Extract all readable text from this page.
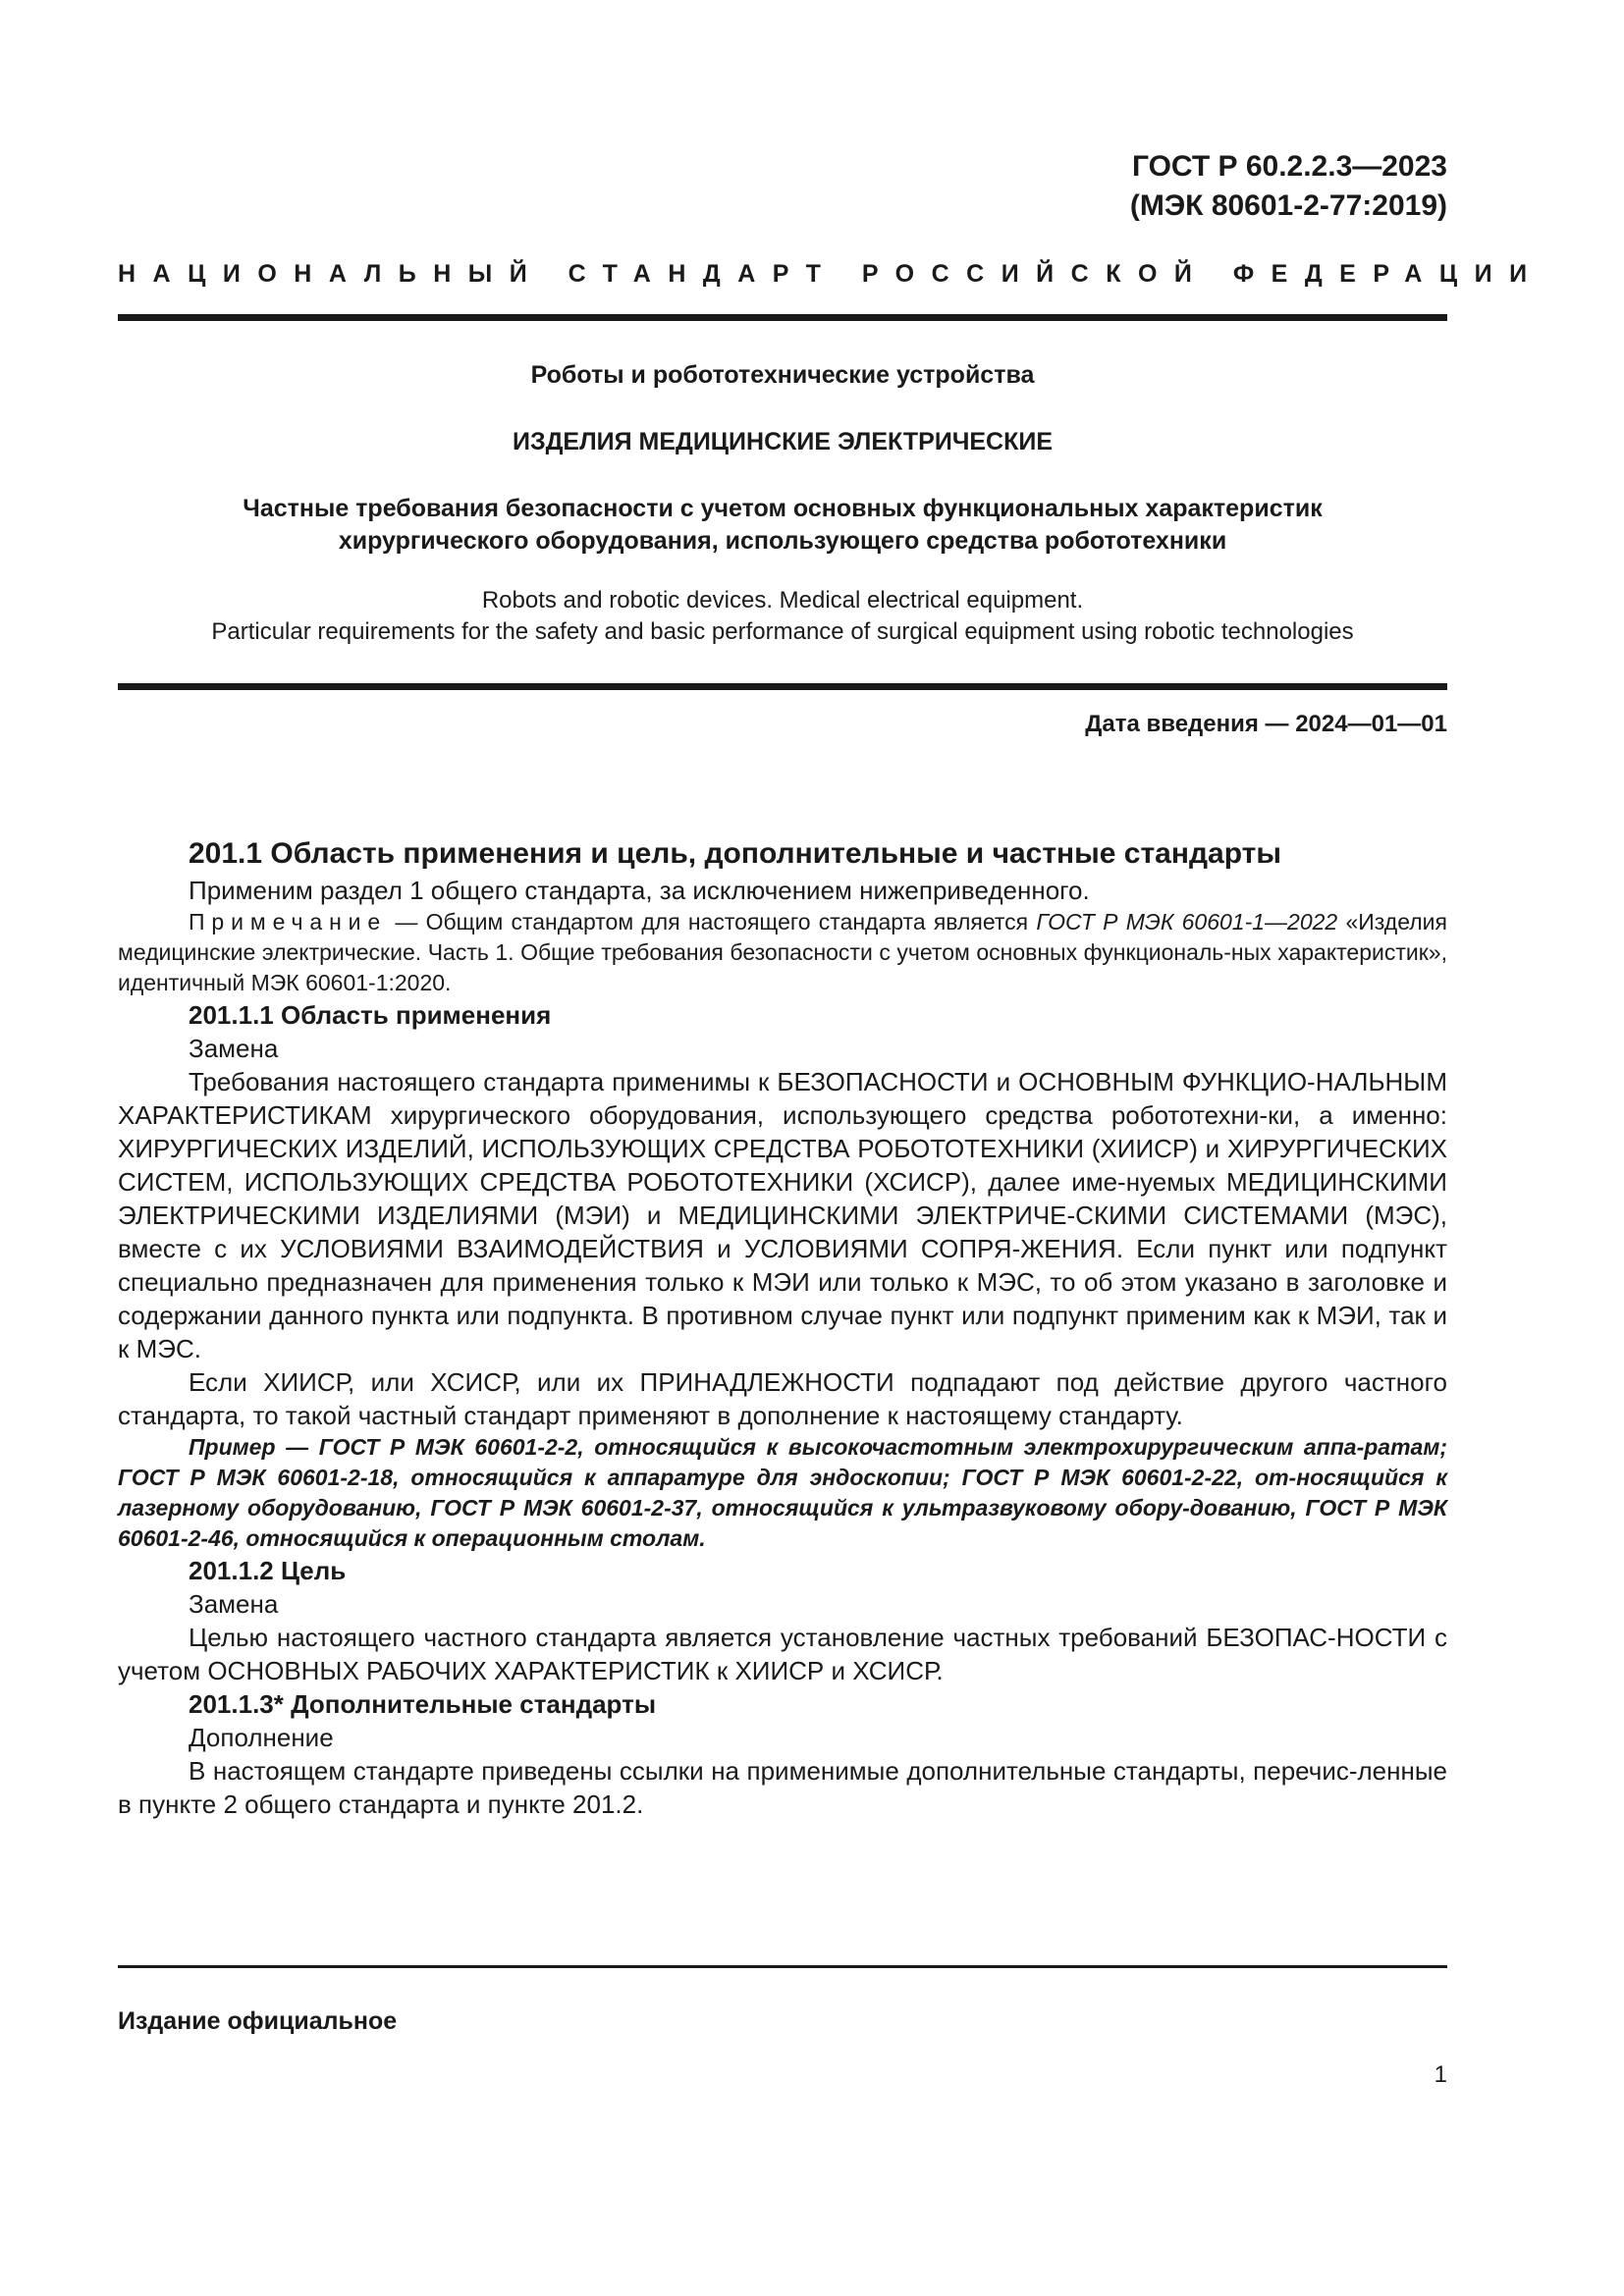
ГОСТ Р 60.2.2.3—2023
(МЭК 80601-2-77:2019)
НАЦИОНАЛЬНЫЙ СТАНДАРТ РОССИЙСКОЙ ФЕДЕРАЦИИ
Роботы и робототехнические устройства
ИЗДЕЛИЯ МЕДИЦИНСКИЕ ЭЛЕКТРИЧЕСКИЕ
Частные требования безопасности с учетом основных функциональных характеристик
хирургического оборудования, использующего средства робототехники
Robots and robotic devices. Medical electrical equipment.
Particular requirements for the safety and basic performance of surgical equipment using robotic technologies
Дата введения — 2024—01—01

201.1 Область применения и цель, дополнительные и частные стандарты

Применим раздел 1 общего стандарта, за исключением нижеприведенного.

Примечание — Общим стандартом для настоящего стандарта является ГОСТ Р МЭК 60601-1—2022 «Изделия медицинские электрические. Часть 1. Общие требования безопасности с учетом основных функциональ-ных характеристик», идентичный МЭК 60601-1:2020.

201.1.1 Область применения

Замена

Требования настоящего стандарта применимы к БЕЗОПАСНОСТИ и ОСНОВНЫМ ФУНКЦИО-НАЛЬНЫМ ХАРАКТЕРИСТИКАМ хирургического оборудования, использующего средства робототехни-ки, а именно: ХИРУРГИЧЕСКИХ ИЗДЕЛИЙ, ИСПОЛЬЗУЮЩИХ СРЕДСТВА РОБОТОТЕХНИКИ (ХИИСР) и ХИРУРГИЧЕСКИХ СИСТЕМ, ИСПОЛЬЗУЮЩИХ СРЕДСТВА РОБОТОТЕХНИКИ (ХСИСР), далее име-нуемых МЕДИЦИНСКИМИ ЭЛЕКТРИЧЕСКИМИ ИЗДЕЛИЯМИ (МЭИ) и МЕДИЦИНСКИМИ ЭЛЕКТРИЧЕ-СКИМИ СИСТЕМАМИ (МЭС), вместе с их УСЛОВИЯМИ ВЗАИМОДЕЙСТВИЯ и УСЛОВИЯМИ СОПРЯ-ЖЕНИЯ. Если пункт или подпункт специально предназначен для применения только к МЭИ или только к МЭС, то об этом указано в заголовке и содержании данного пункта или подпункта. В противном случае пункт или подпункт применим как к МЭИ, так и к МЭС.

Если ХИИСР, или ХСИСР, или их ПРИНАДЛЕЖНОСТИ подпадают под действие другого частного стандарта, то такой частный стандарт применяют в дополнение к настоящему стандарту.

Пример — ГОСТ Р МЭК 60601-2-2, относящийся к высокочастотным электрохирургическим аппа-ратам; ГОСТ Р МЭК 60601-2-18, относящийся к аппаратуре для эндоскопии; ГОСТ Р МЭК 60601-2-22, от-носящийся к лазерному оборудованию, ГОСТ Р МЭК 60601-2-37, относящийся к ультразвуковому обору-дованию, ГОСТ Р МЭК 60601-2-46, относящийся к операционным столам.

201.1.2 Цель

Замена

Целью настоящего частного стандарта является установление частных требований БЕЗОПАС-НОСТИ с учетом ОСНОВНЫХ РАБОЧИХ ХАРАКТЕРИСТИК к ХИИСР и ХСИСР.

201.1.3* Дополнительные стандарты

Дополнение

В настоящем стандарте приведены ссылки на применимые дополнительные стандарты, перечис-ленные в пункте 2 общего стандарта и пункте 201.2.

Издание официальное
1
